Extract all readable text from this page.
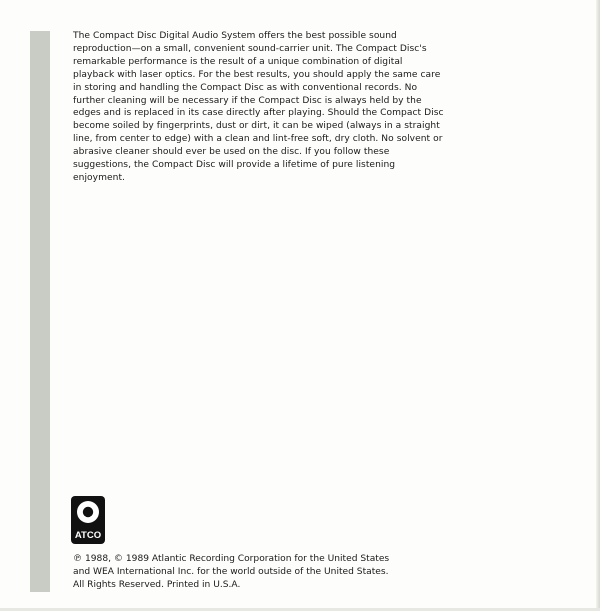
The Compact Disc Digital Audio System offers the best possible sound reproduction—on a small, convenient sound-carrier unit. The Compact Disc's remarkable performance is the result of a unique combination of digital playback with laser optics. For the best results, you should apply the same care in storing and handling the Compact Disc as with conventional records. No further cleaning will be necessary if the Compact Disc is always held by the edges and is replaced in its case directly after playing. Should the Compact Disc become soiled by fingerprints, dust or dirt, it can be wiped (always in a straight line, from center to edge) with a clean and lint-free soft, dry cloth. No solvent or abrasive cleaner should ever be used on the disc. If you follow these suggestions, the Compact Disc will provide a lifetime of pure listening enjoyment.

ATCO

℗ 1988, © 1989 Atlantic Recording Corporation for the United States
and WEA International Inc. for the world outside of the United States.
All Rights Reserved. Printed in U.S.A.
